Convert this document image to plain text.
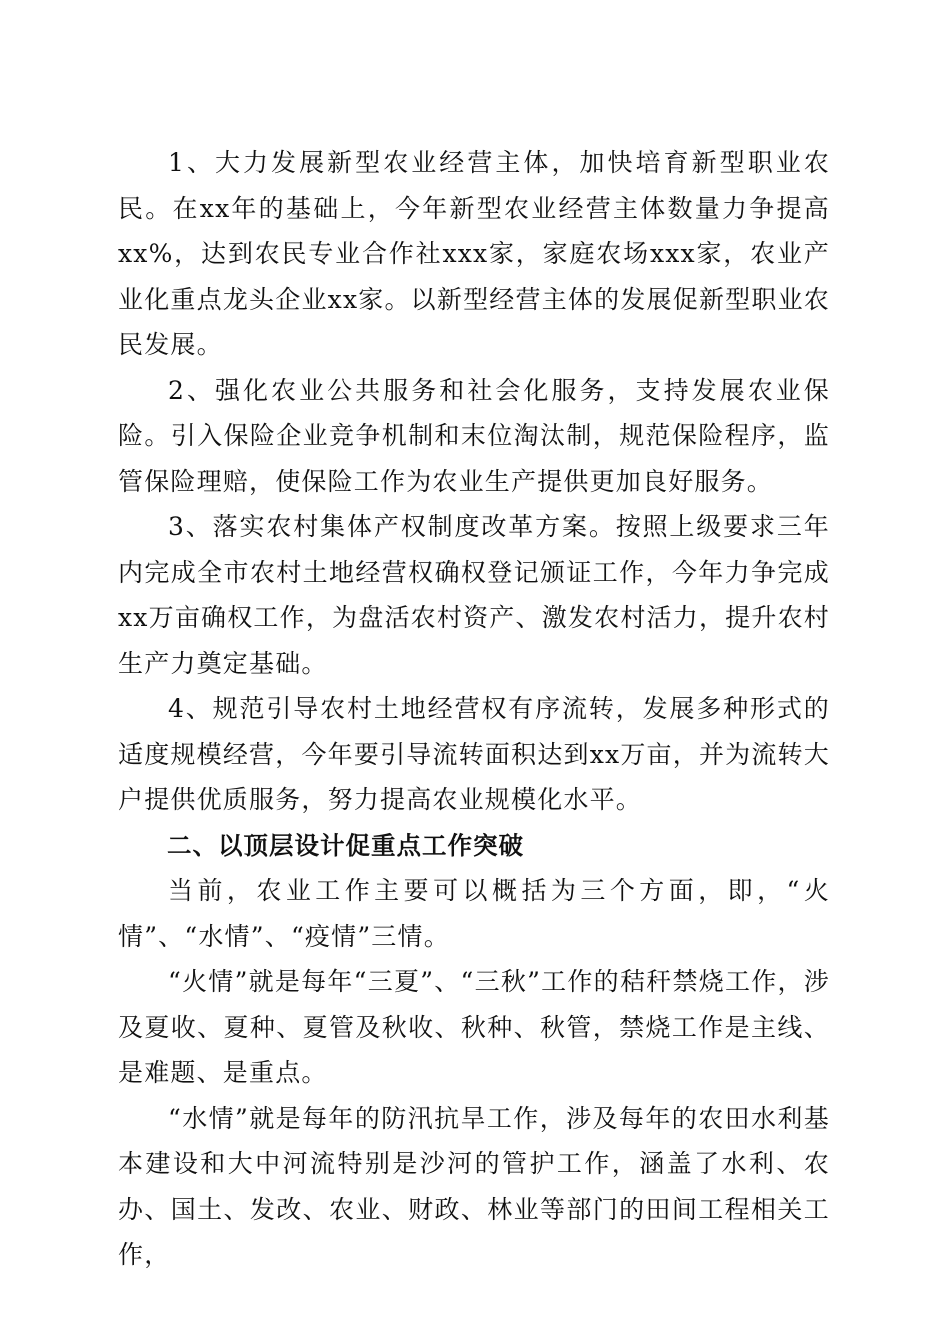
1、大力发展新型农业经营主体，加快培育新型职业农民。在xx年的基础上，今年新型农业经营主体数量力争提高xx%，达到农民专业合作社xxx家，家庭农场xxx家，农业产业化重点龙头企业xx家。以新型经营主体的发展促新型职业农民发展。

2、强化农业公共服务和社会化服务，支持发展农业保险。引入保险企业竞争机制和末位淘汰制，规范保险程序，监管保险理赔，使保险工作为农业生产提供更加良好服务。

3、落实农村集体产权制度改革方案。按照上级要求三年内完成全市农村土地经营权确权登记颁证工作，今年力争完成xx万亩确权工作，为盘活农村资产、激发农村活力，提升农村生产力奠定基础。

4、规范引导农村土地经营权有序流转，发展多种形式的适度规模经营，今年要引导流转面积达到xx万亩，并为流转大户提供优质服务，努力提高农业规模化水平。

二、以顶层设计促重点工作突破

当前，农业工作主要可以概括为三个方面，即，“火情”、“水情”、“疫情”三情。

“火情”就是每年“三夏”、“三秋”工作的秸秆禁烧工作，涉及夏收、夏种、夏管及秋收、秋种、秋管，禁烧工作是主线、是难题、是重点。

“水情”就是每年的防汛抗旱工作，涉及每年的农田水利基本建设和大中河流特别是沙河的管护工作，涵盖了水利、农办、国土、发改、农业、财政、林业等部门的田间工程相关工作，
